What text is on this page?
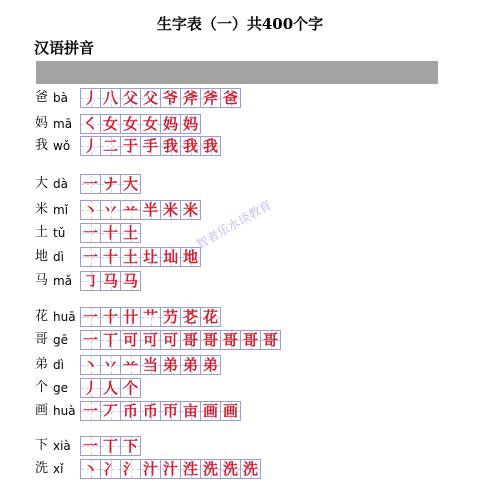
生字表（一）共400个字
汉语拼音
智者乐水谈教育
爸 bà 丿 八 父 父 爷 斧 斧 爸
妈 mā ㇛ 女 女 女 妈 妈
我 wǒ 丿 二 于 手 我 我 我
大 dà 一 ナ 大
米 mǐ 丶 丷 䒑 半 米 米
土 tǔ 一 十 土
地 dì 一 十 土 圵 圸 地
马 mǎ ㇆ 马 马
花 huā 一 十 卄 艹 芀 芲 花
哥 gē 一 丅 可 可 可 哥 哥 哥 哥 哥
弟 dì 丶 丷 䒑 当 弟 弟 弟
个 ge 丿 人 个
画 huà 一 丆 币 币 帀 亩 画 画
下 xià 一 丅 下
洗 xǐ 丶 冫 氵 汁 汁 泩 洗 洗 洗
